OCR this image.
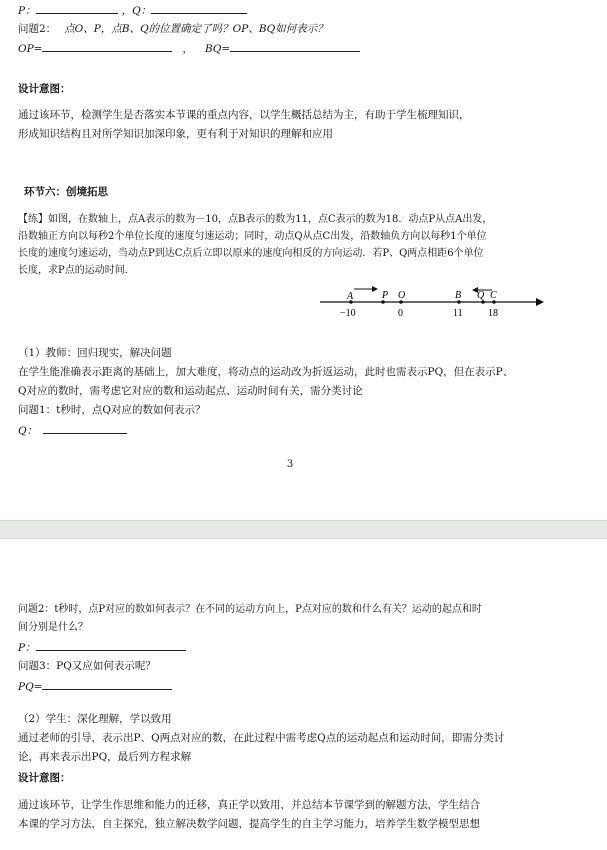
P：	，Q：
问题2： 点O、P，点B、Q的位置确定了吗？OP、BQ如何表示？
OP=	， BQ=
设计意图：
通过该环节，检测学生是否落实本节课的重点内容，以学生概括总结为主，有助于学生梳理知识，
形成知识结构且对所学知识加深印象，更有利于对知识的理解和应用
环节六：创境拓思
【练】如图，在数轴上，点A表示的数为－10，点B表示的数为11，点C表示的数为18．动点P从点A出发，
沿数轴正方向以每秒2个单位长度的速度匀速运动；同时，动点Q从点C出发，沿数轴负方向以每秒1个单位
长度的速度匀速运动，当动点P到达C点后立即以原来的速度向相反的方向运动．若P、Q两点相距6个单位
长度，求P点的运动时间．
A	P O	B Q C
−10	0	11	18
（1）教师：回归现实，解决问题
在学生能准确表示距离的基础上，加大难度，将动点的运动改为折返运动，此时也需表示PQ，但在表示P、
Q对应的数时，需考虑它对应的数和运动起点、运动时间有关，需分类讨论
问题1：t秒时，点Q对应的数如何表示？
Q：
3
问题2：t秒时，点P对应的数如何表示？在不同的运动方向上，P点对应的数和什么有关？运动的起点和时
间分别是什么？
P：
问题3：PQ又应如何表示呢？
PQ=
（2）学生：深化理解，学以致用
通过老师的引导，表示出P、Q两点对应的数，在此过程中需考虑Q点的运动起点和运动时间，即需分类讨
论，再来表示出PQ，最后列方程求解
设计意图：
通过该环节，让学生作思维和能力的迁移，真正学以致用，并总结本节课学到的解题方法，学生结合
本课的学习方法，自主探究，独立解决数学问题，提高学生的自主学习能力，培养学生数学模型思想
